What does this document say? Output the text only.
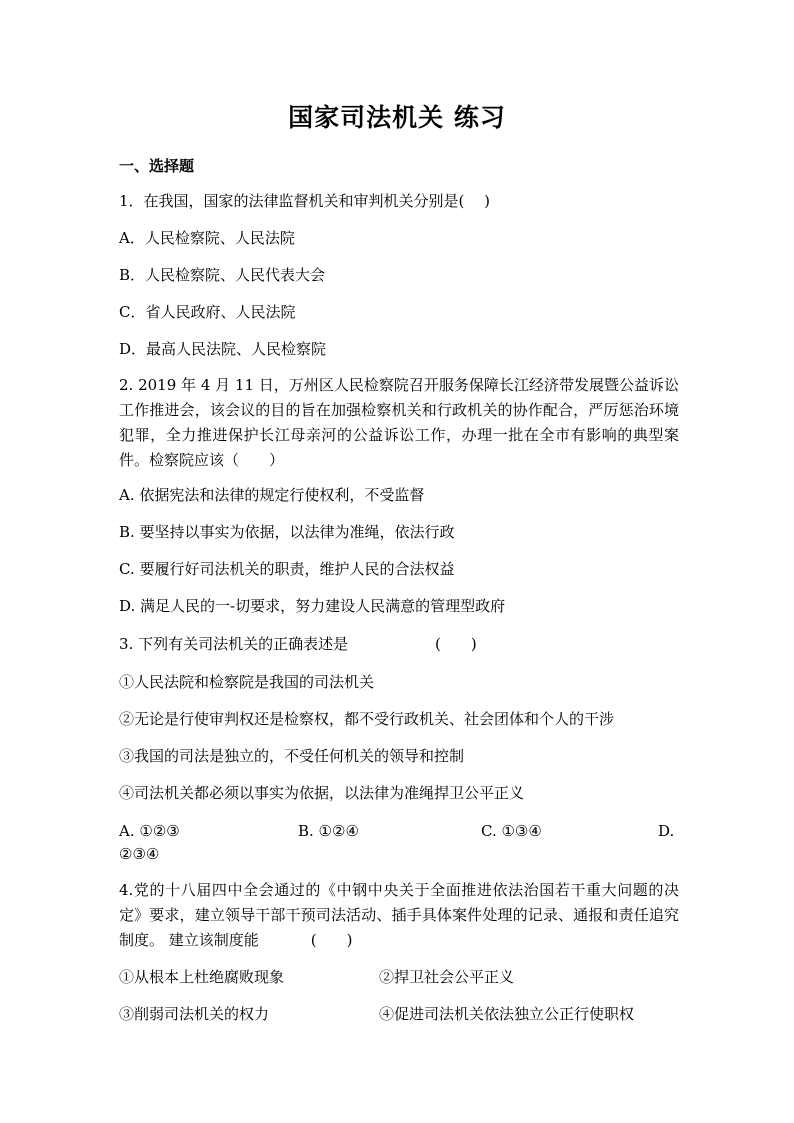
国家司法机关 练习
一、选择题
1．在我国，国家的法律监督机关和审判机关分别是(　 )
A．人民检察院、人民法院
B．人民检察院、人民代表大会
C．省人民政府、人民法院
D．最高人民法院、人民检察院
2. 2019 年 4 月 11 日，万州区人民检察院召开服务保障长江经济带发展暨公益诉讼工作推进会，该会议的目的旨在加强检察机关和行政机关的协作配合，严厉惩治环境犯罪，全力推进保护长江母亲河的公益诉讼工作，办理一批在全市有影响的典型案件。检察院应该（　　）
A. 依据宪法和法律的规定行使权利，不受监督
B. 要坚持以事实为依据，以法律为准绳，依法行政
C. 要履行好司法机关的职责，维护人民的合法权益
D. 满足人民的一-切要求，努力建设人民满意的管理型政府
3. 下列有关司法机关的正确表述是	(　　)
①人民法院和检察院是我国的司法机关
②无论是行使审判权还是检察权，都不受行政机关、社会团体和个人的干涉
③我国的司法是独立的，不受任何机关的领导和控制
④司法机关都必须以事实为依据，以法律为准绳捍卫公平正义
A. ①②③	B. ①②④	C. ①③④	D.
②③④
4.党的十八届四中全会通过的《中钢中央关于全面推进依法治国若干重大问题的决定》要求，建立领导干部干预司法活动、插手具体案件处理的记录、通报和责任追究制度。 建立该制度能	(　　)
①从根本上杜绝腐败现象	②捍卫社会公平正义
③削弱司法机关的权力	④促进司法机关依法独立公正行使职权
